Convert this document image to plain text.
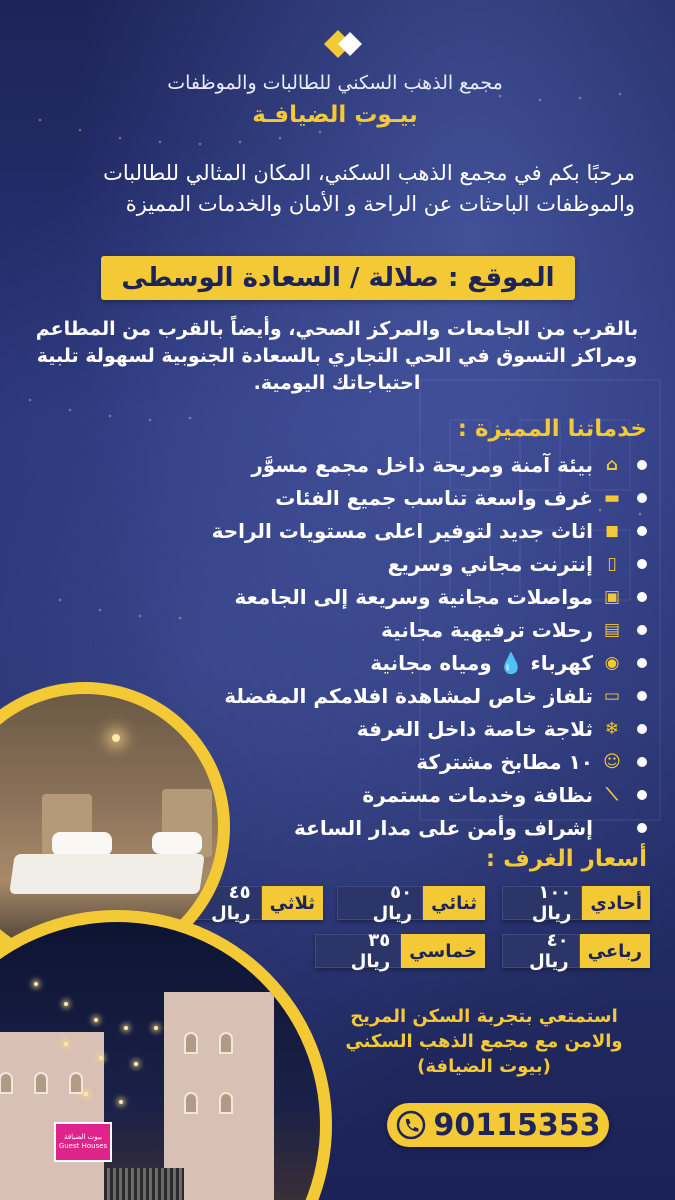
مجمع الذهب السكني للطالبات والموظفات
بيـوت الضيافـة
مرحبًا بكم في مجمع الذهب السكني، المكان المثالي للطالبات والموظفات الباحثات عن الراحة و الأمان والخدمات المميزة
الموقع : صلالة / السعادة الوسطى
بالقرب من الجامعات والمركز الصحي، وأيضاً بالقرب من المطاعم ومراكز التسوق في الحي التجاري بالسعادة الجنوبية لسهولة تلبية احتياجاتك اليومية.
خدماتنا المميزة :
⌂
بيئة آمنة ومريحة داخل مجمع مسوَّر
▬
غرف واسعة تناسب جميع الفئات
◼
اثاث جديد لتوفير اعلى مستويات الراحة
▯
إنترنت مجاني وسريع
▣
مواصلات مجانية وسريعة إلى الجامعة
▤
رحلات ترفيهية مجانية
◉
كهرباء 💧 ومياه مجانية
▭
تلفاز خاص لمشاهدة افلامكم المفضلة
❄
ثلاجة خاصة داخل الغرفة
☺
١٠ مطابخ مشتركة
⟋
نظافة وخدمات مستمرة
إشراف وأمن على مدار الساعة
أسعار الغرف :
أحادي
١٠٠ ريال
ثنائي
٥٠ ريال
ثلاثي
٤٥ ريال
رباعي
٤٠ ريال
خماسي
٣٥ ريال
استمتعي بتجربة السكن المريح
والامن مع مجمع الذهب السكني
(بيوت الضيافة)
90115353
بيوت الضيافة Guest Houses
